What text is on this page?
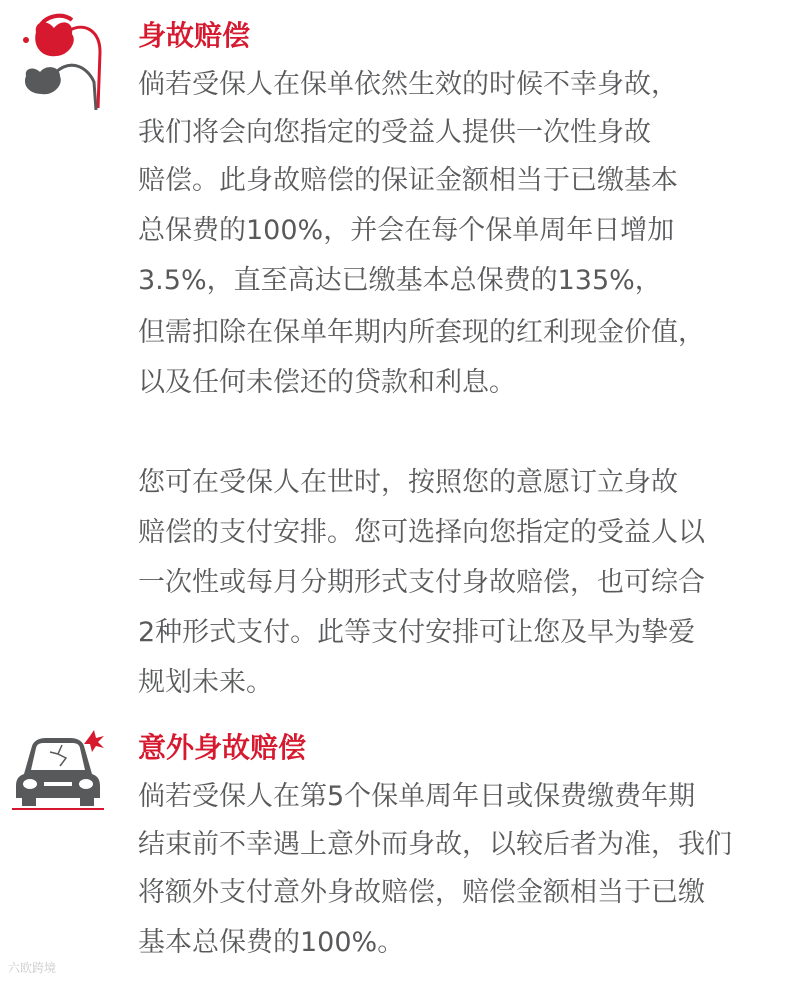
身故赔偿
倘若受保人在保单依然生效的时候不幸身故，
我们将会向您指定的受益人提供一次性身故
赔偿。此身故赔偿的保证金额相当于已缴基本
总保费的100%，并会在每个保单周年日增加
3.5%，直至高达已缴基本总保费的135%，
但需扣除在保单年期内所套现的红利现金价值，
以及任何未偿还的贷款和利息。
您可在受保人在世时，按照您的意愿订立身故
赔偿的支付安排。您可选择向您指定的受益人以
一次性或每月分期形式支付身故赔偿，也可综合
2种形式支付。此等支付安排可让您及早为挚爱
规划未来。
意外身故赔偿
倘若受保人在第5个保单周年日或保费缴费年期
结束前不幸遇上意外而身故，以较后者为准，我们
将额外支付意外身故赔偿，赔偿金额相当于已缴
基本总保费的100%。
六欧跨境
